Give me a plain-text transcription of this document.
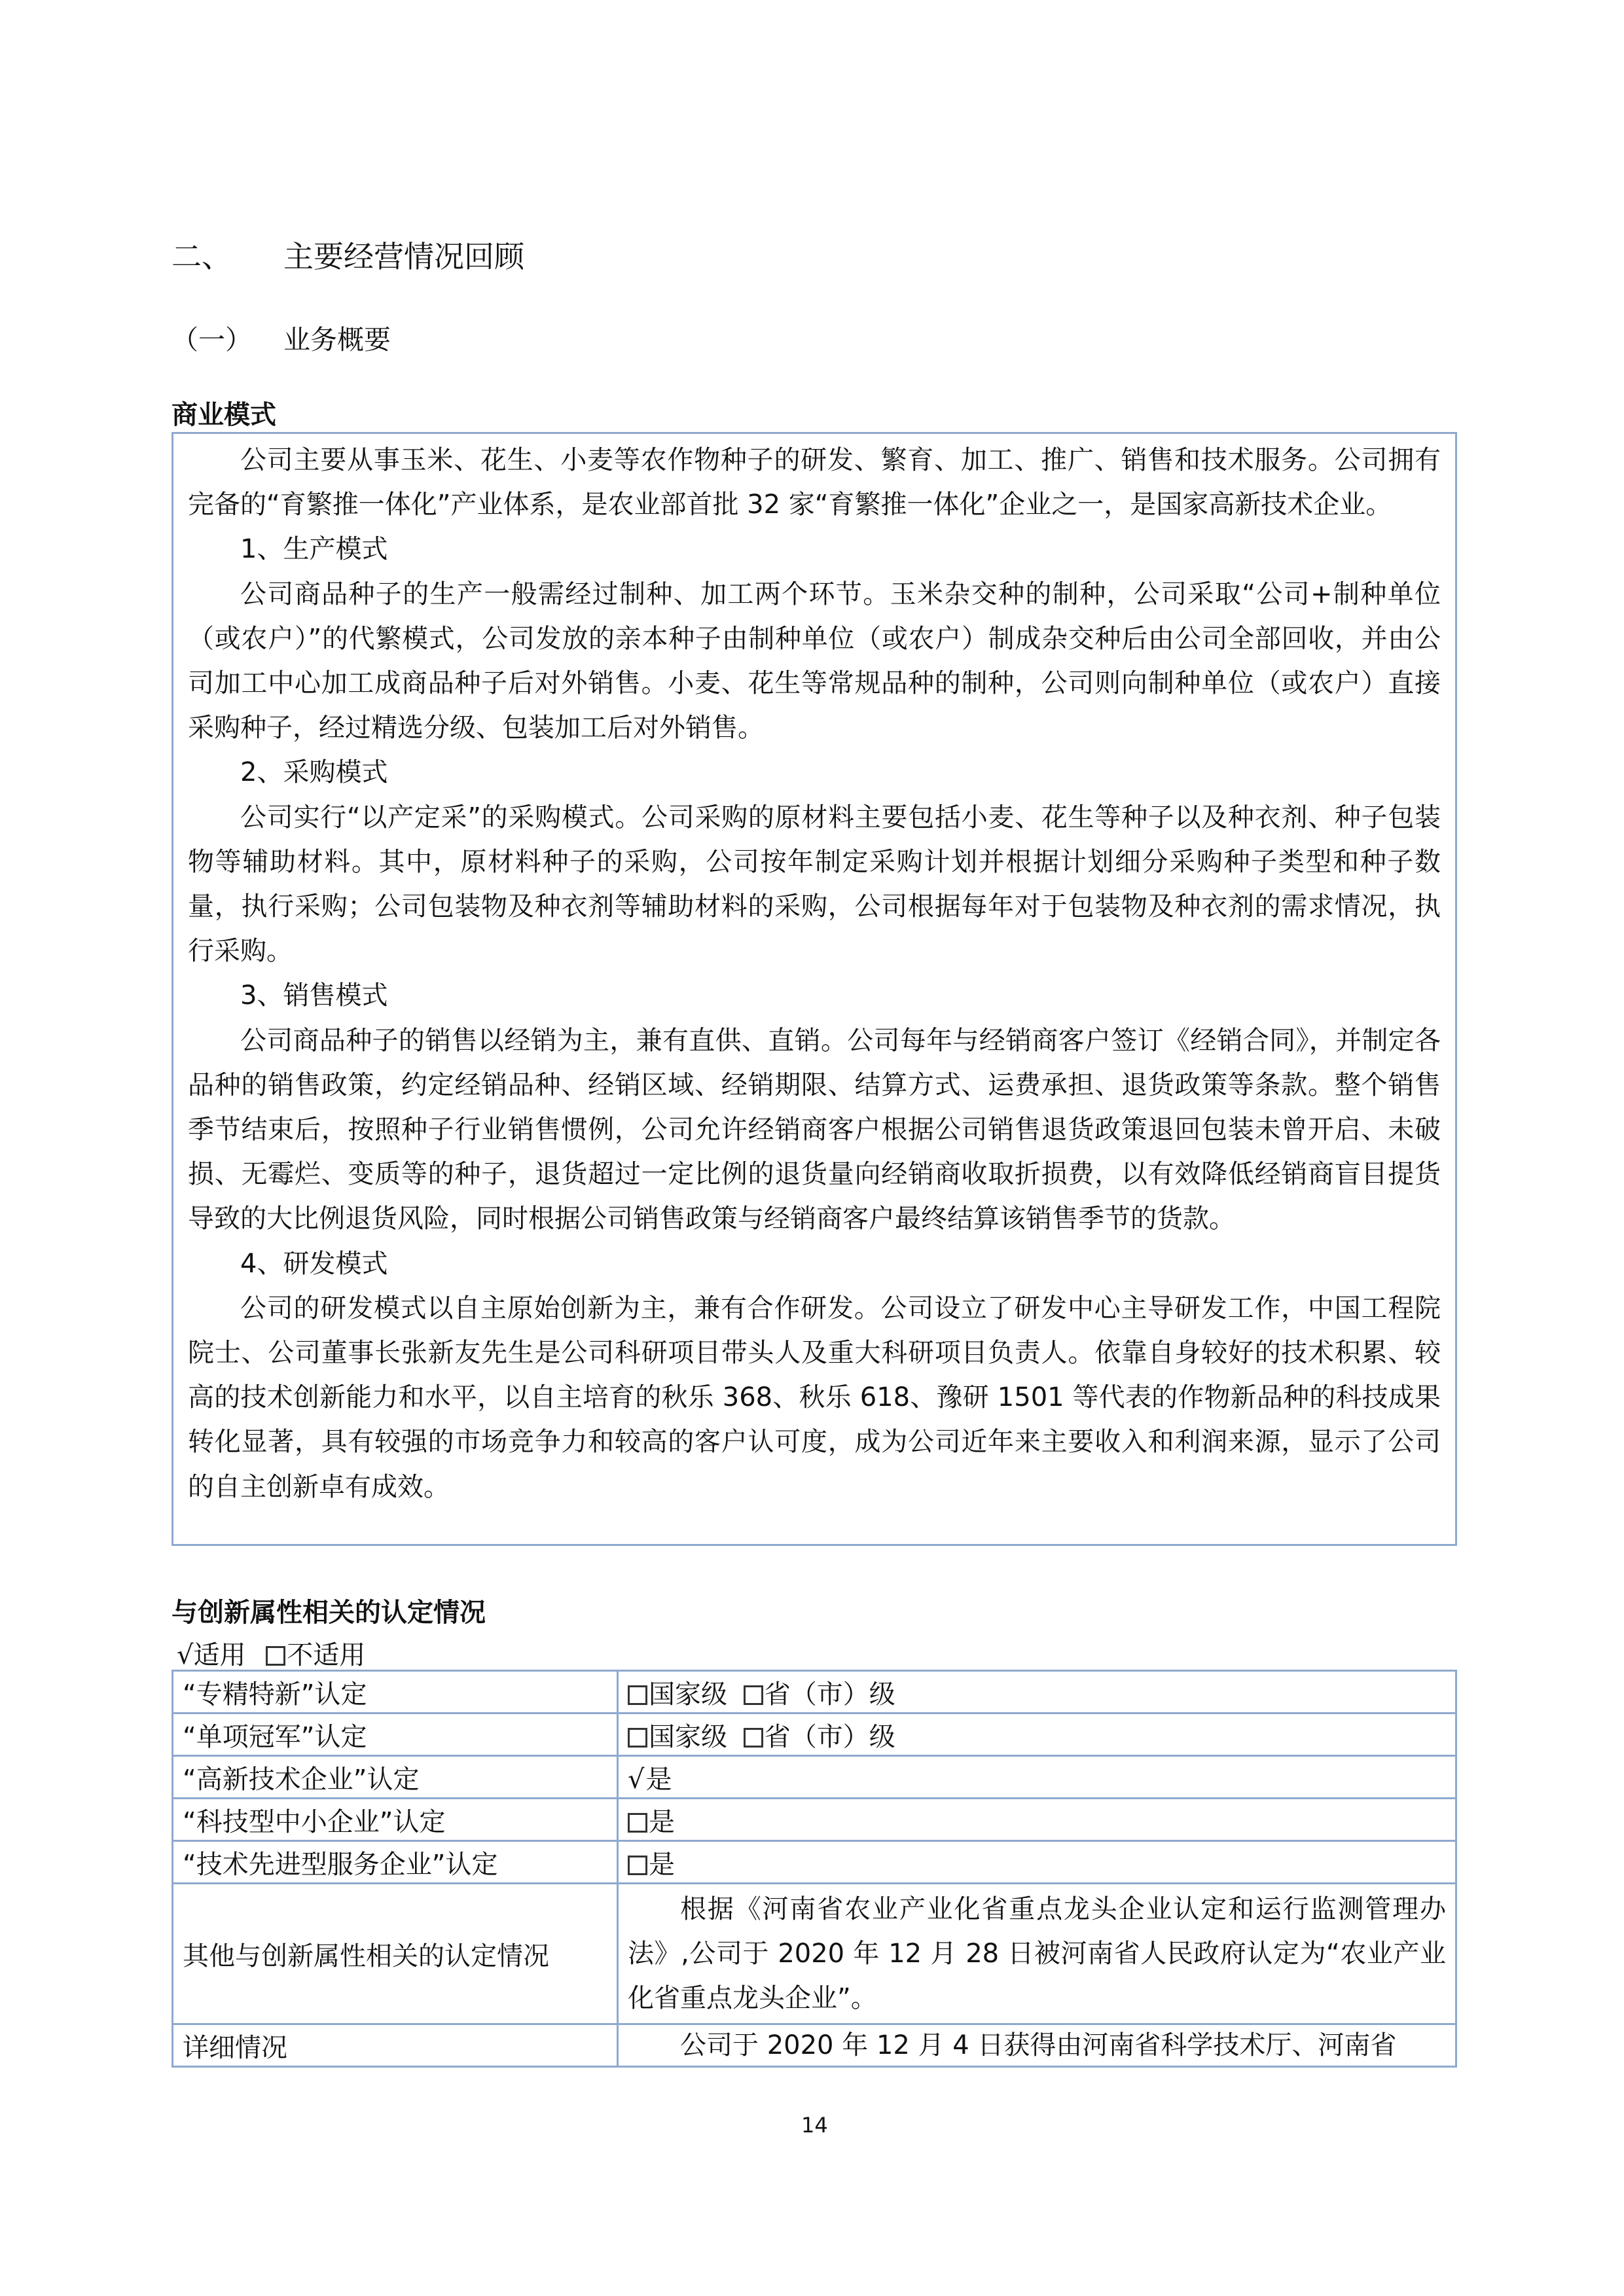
二、 主要经营情况回顾
（一） 业务概要
商业模式

公司主要从事玉米、花生、小麦等农作物种子的研发、繁育、加工、推广、销售和技术服务。公司拥有完备的“育繁推一体化”产业体系，是农业部首批 32 家“育繁推一体化”企业之一，是国家高新技术企业。

1、生产模式

公司商品种子的生产一般需经过制种、加工两个环节。玉米杂交种的制种，公司采取“公司+制种单位（或农户）”的代繁模式，公司发放的亲本种子由制种单位（或农户）制成杂交种后由公司全部回收，并由公司加工中心加工成商品种子后对外销售。小麦、花生等常规品种的制种，公司则向制种单位（或农户）直接采购种子，经过精选分级、包装加工后对外销售。

2、采购模式

公司实行“以产定采”的采购模式。公司采购的原材料主要包括小麦、花生等种子以及种衣剂、种子包装物等辅助材料。其中，原材料种子的采购，公司按年制定采购计划并根据计划细分采购种子类型和种子数量，执行采购；公司包装物及种衣剂等辅助材料的采购，公司根据每年对于包装物及种衣剂的需求情况，执行采购。

3、销售模式

公司商品种子的销售以经销为主，兼有直供、直销。公司每年与经销商客户签订《经销合同》，并制定各品种的销售政策，约定经销品种、经销区域、经销期限、结算方式、运费承担、退货政策等条款。整个销售季节结束后，按照种子行业销售惯例，公司允许经销商客户根据公司销售退货政策退回包装未曾开启、未破损、无霉烂、变质等的种子，退货超过一定比例的退货量向经销商收取折损费，以有效降低经销商盲目提货导致的大比例退货风险，同时根据公司销售政策与经销商客户最终结算该销售季节的货款。

4、研发模式

公司的研发模式以自主原始创新为主，兼有合作研发。公司设立了研发中心主导研发工作，中国工程院院士、公司董事长张新友先生是公司科研项目带头人及重大科研项目负责人。依靠自身较好的技术积累、较高的技术创新能力和水平，以自主培育的秋乐 368、秋乐 618、豫研 1501 等代表的作物新品种的科技成果转化显著，具有较强的市场竞争力和较高的客户认可度，成为公司近年来主要收入和利润来源，显示了公司的自主创新卓有成效。

与创新属性相关的认定情况
√适用 不适用
“专精特新”认定	国家级 省（市）级
“单项冠军”认定	国家级 省（市）级
“高新技术企业”认定	√是
“科技型中小企业”认定	是
“技术先进型服务企业”认定	是
其他与创新属性相关的认定情况	根据《河南省农业产业化省重点龙头企业认定和运行监测管理办法》,公司于 2020 年 12 月 28 日被河南省人民政府认定为“农业产业化省重点龙头企业”。
详细情况	公司于 2020 年 12 月 4 日获得由河南省科学技术厅、河南省
14
